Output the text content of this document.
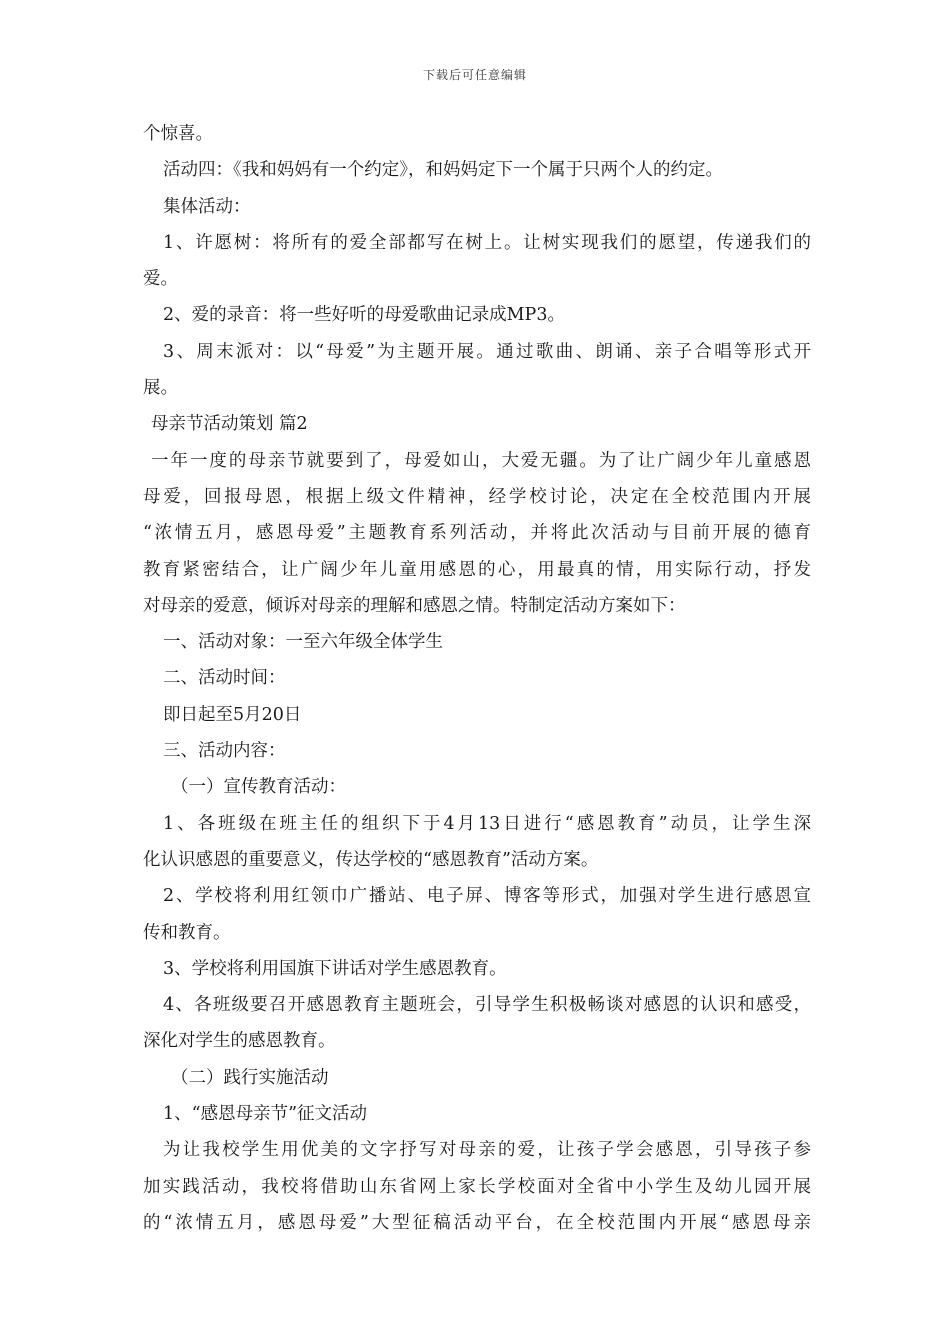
下载后可任意编辑
个惊喜。
活动四：《我和妈妈有一个约定》，和妈妈定下一个属于只两个人的约定。
集体活动：
1、许愿树：将所有的爱全部都写在树上。让树实现我们的愿望，传递我们的
爱。
2、爱的录音：将一些好听的母爱歌曲记录成MP3。
3、周末派对：以“母爱”为主题开展。通过歌曲、朗诵、亲子合唱等形式开
展。
母亲节活动策划 篇2
一年一度的母亲节就要到了，母爱如山，大爱无疆。为了让广阔少年儿童感恩
母爱，回报母恩，根据上级文件精神，经学校讨论，决定在全校范围内开展
“浓情五月，感恩母爱”主题教育系列活动，并将此次活动与目前开展的德育
教育紧密结合，让广阔少年儿童用感恩的心，用最真的情，用实际行动，抒发
对母亲的爱意，倾诉对母亲的理解和感恩之情。特制定活动方案如下：
一、活动对象：一至六年级全体学生
二、活动时间：
即日起至5月20日
三、活动内容：
（一）宣传教育活动：
1、各班级在班主任的组织下于4月13日进行“感恩教育”动员，让学生深
化认识感恩的重要意义，传达学校的“感恩教育”活动方案。
2、学校将利用红领巾广播站、电子屏、博客等形式，加强对学生进行感恩宣
传和教育。
3、学校将利用国旗下讲话对学生感恩教育。
4、各班级要召开感恩教育主题班会，引导学生积极畅谈对感恩的认识和感受，
深化对学生的感恩教育。
（二）践行实施活动
1、“感恩母亲节”征文活动
为让我校学生用优美的文字抒写对母亲的爱，让孩子学会感恩，引导孩子参
加实践活动，我校将借助山东省网上家长学校面对全省中小学生及幼儿园开展
的“浓情五月，感恩母爱”大型征稿活动平台，在全校范围内开展“感恩母亲
